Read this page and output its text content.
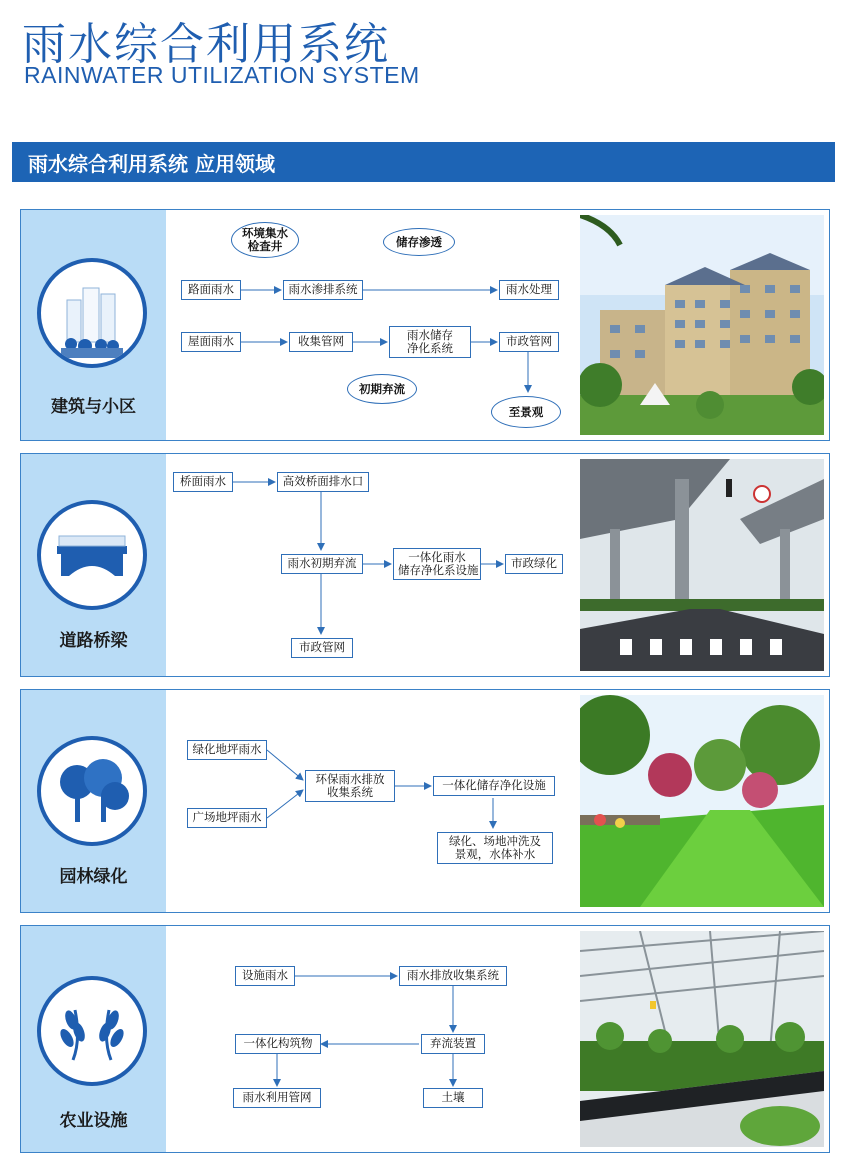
雨水综合利用系统
RAINWATER UTILIZATION SYSTEM
雨水综合利用系统 应用领域
建筑与小区
环境集水
检查井	储存渗透
初期弃流
至景观
路面雨水	雨水渗排系统	雨水处理
屋面雨水	收集管网	雨水储存
净化系统	市政管网
道路桥梁
桥面雨水	高效桥面排水口
雨水初期弃流	一体化雨水
储存净化系设施	市政绿化
市政管网
园林绿化
绿化地坪雨水
广场地坪雨水
环保雨水排放
收集系统	一体化储存净化设施
绿化、场地冲洗及
景观，水体补水
农业设施
设施雨水	雨水排放收集系统
一体化构筑物	弃流装置
雨水利用管网	土壤
